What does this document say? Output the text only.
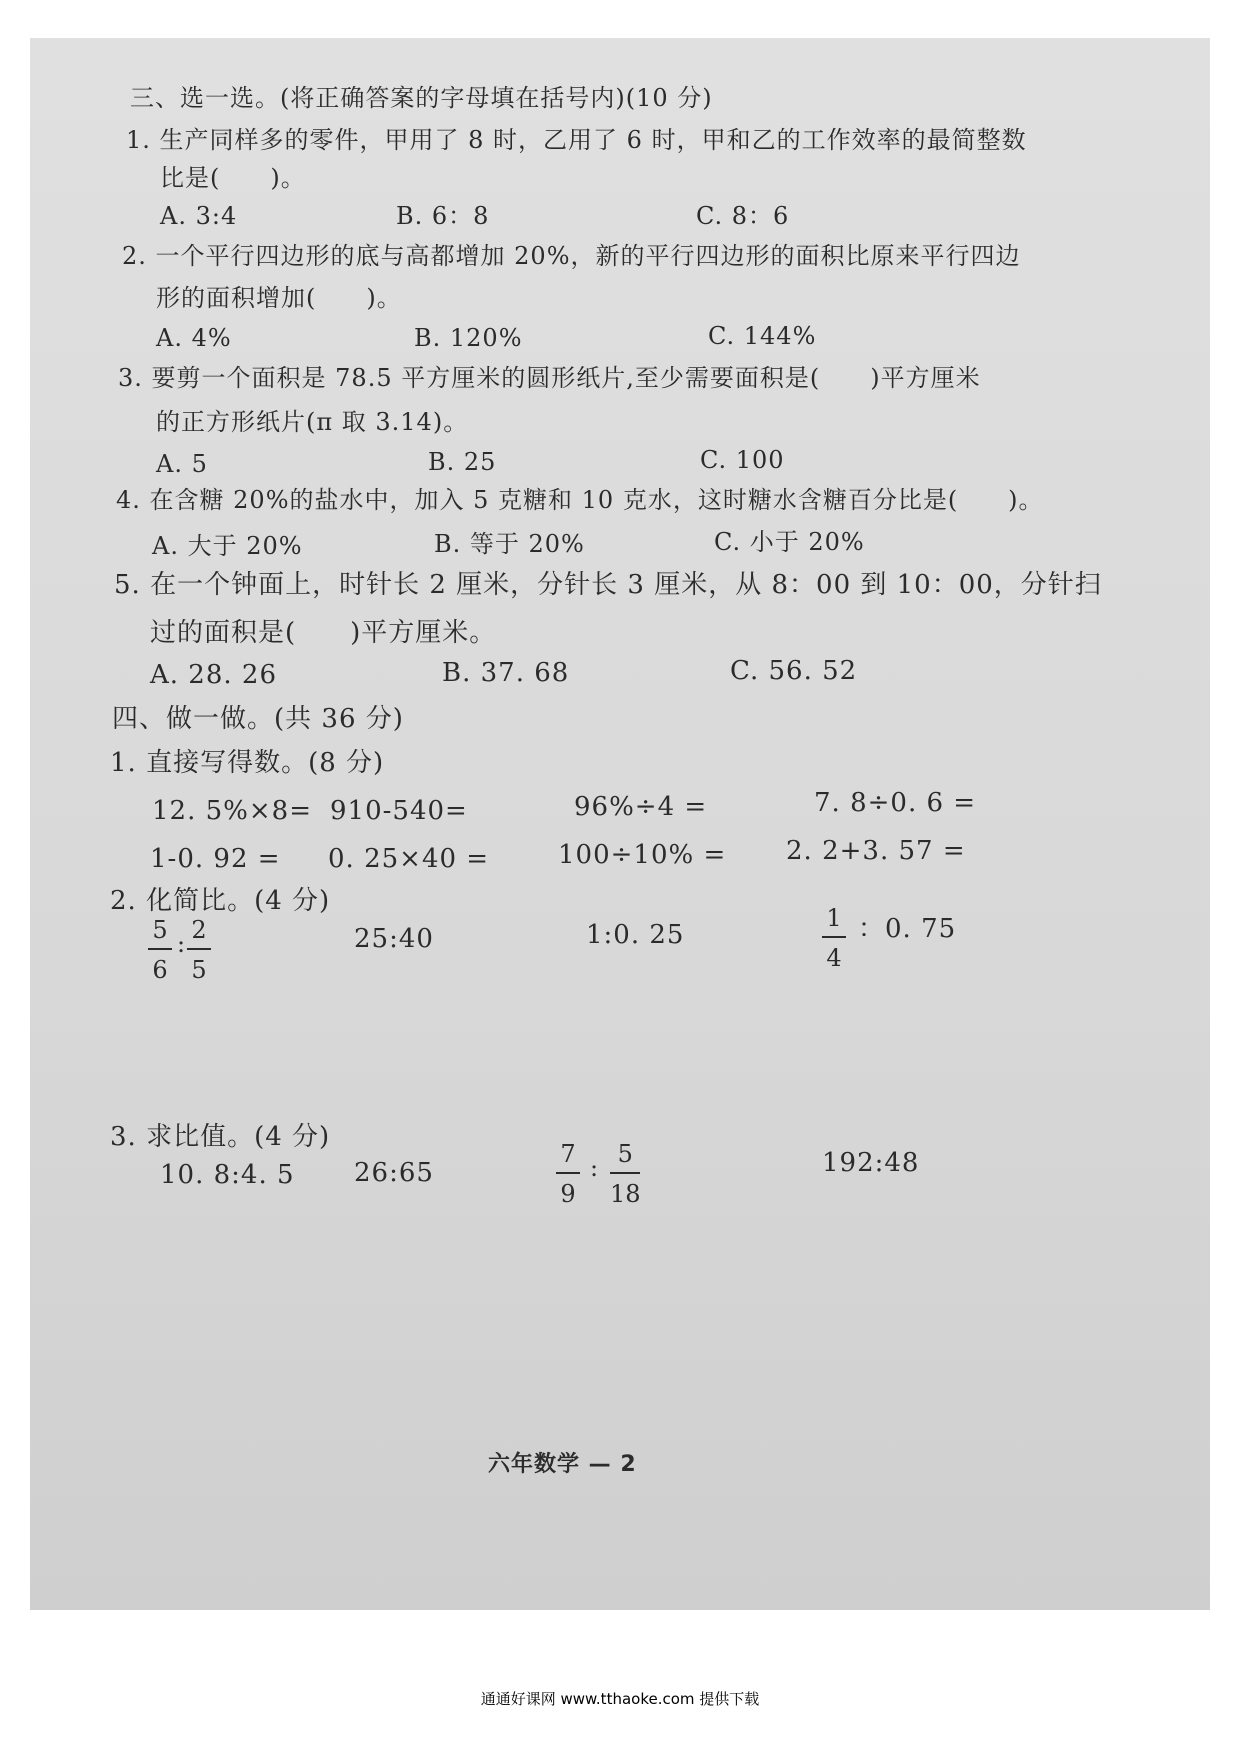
三、选一选。(将正确答案的字母填在括号内)(10 分)
1. 生产同样多的零件，甲用了 8 时，乙用了 6 时，甲和乙的工作效率的最简整数
比是(　　)。
A. 3:4	B. 6：8	C. 8：6
2. 一个平行四边形的底与高都增加 20%，新的平行四边形的面积比原来平行四边
形的面积增加(　　)。
A. 4%	B. 120%	C. 144%
3. 要剪一个面积是 78.5 平方厘米的圆形纸片,至少需要面积是(　　)平方厘米
的正方形纸片(π 取 3.14)。
A. 5	B. 25	C. 100
4. 在含糖 20%的盐水中，加入 5 克糖和 10 克水，这时糖水含糖百分比是(　　)。
A. 大于 20%	B. 等于 20%	C. 小于 20%
5. 在一个钟面上，时针长 2 厘米，分针长 3 厘米，从 8：00 到 10：00，分针扫
过的面积是(　　)平方厘米。
A. 28. 26	B. 37. 68	C. 56. 52
四、做一做。(共 36 分)
1. 直接写得数。(8 分)
12. 5%×8= 910-540=	96%÷4 =	7. 8÷0. 6 =
1-0. 92 = 0. 25×40 =	100÷10% = 2. 2+3. 57 =
2. 化简比。(4 分)
5
6
: 2
5
25:40	1:0. 25
1
4
：0. 75
3. 求比值。(4 分)
10. 8:4. 5 26:65
7
9
: 5
18
192:48
六年数学 — 2
通通好课网 www.tthaoke.com 提供下载
